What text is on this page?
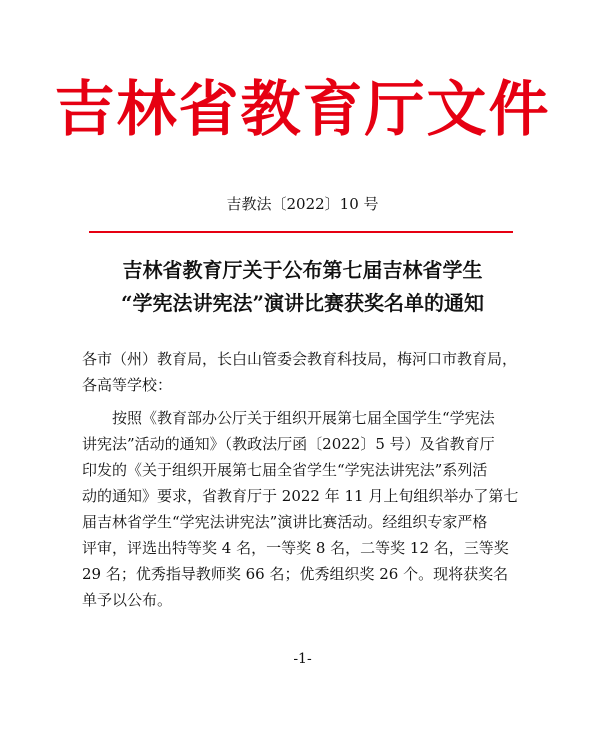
吉林省教育厅文件
吉教法〔2022〕10 号
吉林省教育厅关于公布第七届吉林省学生
“学宪法讲宪法”演讲比赛获奖名单的通知
各市（州）教育局，长白山管委会教育科技局，梅河口市教育局，
各高等学校：
　　按照《教育部办公厅关于组织开展第七届全国学生“学宪法
讲宪法”活动的通知》（教政法厅函〔2022〕5 号）及省教育厅
印发的《关于组织开展第七届全省学生“学宪法讲宪法”系列活
动的通知》要求，省教育厅于 2022 年 11 月上旬组织举办了第七
届吉林省学生“学宪法讲宪法”演讲比赛活动。经组织专家严格
评审，评选出特等奖 4 名，一等奖 8 名，二等奖 12 名，三等奖
29 名；优秀指导教师奖 66 名；优秀组织奖 26 个。现将获奖名
单予以公布。
-1-
